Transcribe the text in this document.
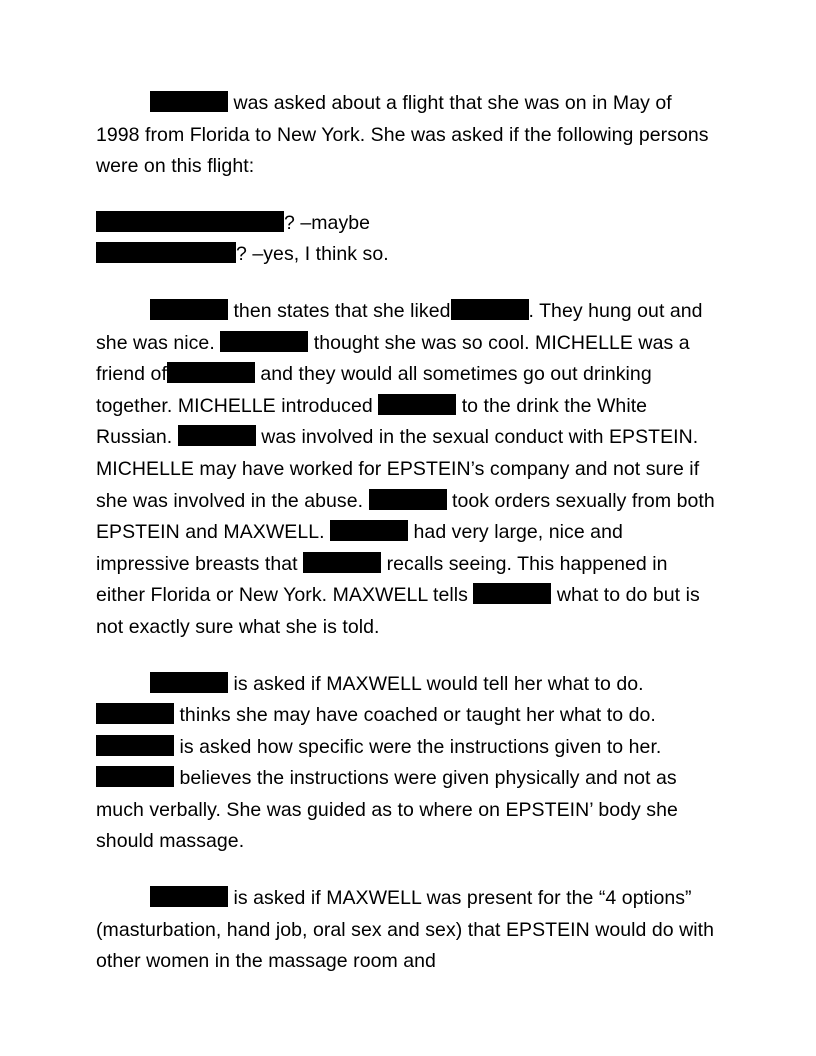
was asked about a flight that she was on in May of 1998 from Florida to New York. She was asked if the following persons were on this flight:
? –maybe
? –yes, I think so.
then states that she liked	. They hung out and she was nice.	thought she was so cool. MICHELLE was a friend of	and they would all sometimes go out drinking together. MICHELLE introduced	to the drink the White Russian.	was involved in the sexual conduct with EPSTEIN. MICHELLE may have worked for EPSTEIN’s company and not sure if she was involved in the abuse.	took orders sexually from both EPSTEIN and MAXWELL.	had very large, nice and impressive breasts that	recalls seeing. This happened in either Florida or New York. MAXWELL tells	what to do but is not exactly sure what she is told.
is asked if MAXWELL would tell her what to do.  thinks she may have coached or taught her what to do.  is asked how specific were the instructions given to her.  believes the instructions were given physically and not as much verbally. She was guided as to where on EPSTEIN’ body she should massage.
is asked if MAXWELL was present for the “4 options” (masturbation, hand job, oral sex and sex) that EPSTEIN would do with other women in the massage room and
